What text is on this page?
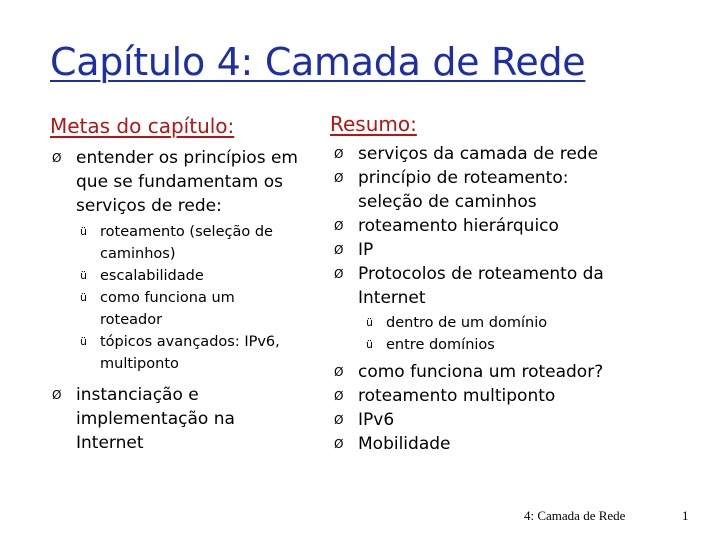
Capítulo 4: Camada de Rede
Metas do capítulo:	Resumo:
Ø entender os princípios em
que se fundamentam os
serviços de rede:
ü roteamento (seleção de
caminhos)
ü escalabilidade
ü como funciona um
roteador
ü tópicos avançados: IPv6,
multiponto
Ø instanciação e
implementação na
Internet
Ø serviços da camada de rede
Ø princípio de roteamento:
seleção de caminhos
Ø roteamento hierárquico
Ø IP
Ø Protocolos de roteamento da
Internet
ü dentro de um domínio
ü entre domínios
Ø como funciona um roteador?
Ø roteamento multiponto
Ø IPv6
Ø Mobilidade
4: Camada de Rede	1
